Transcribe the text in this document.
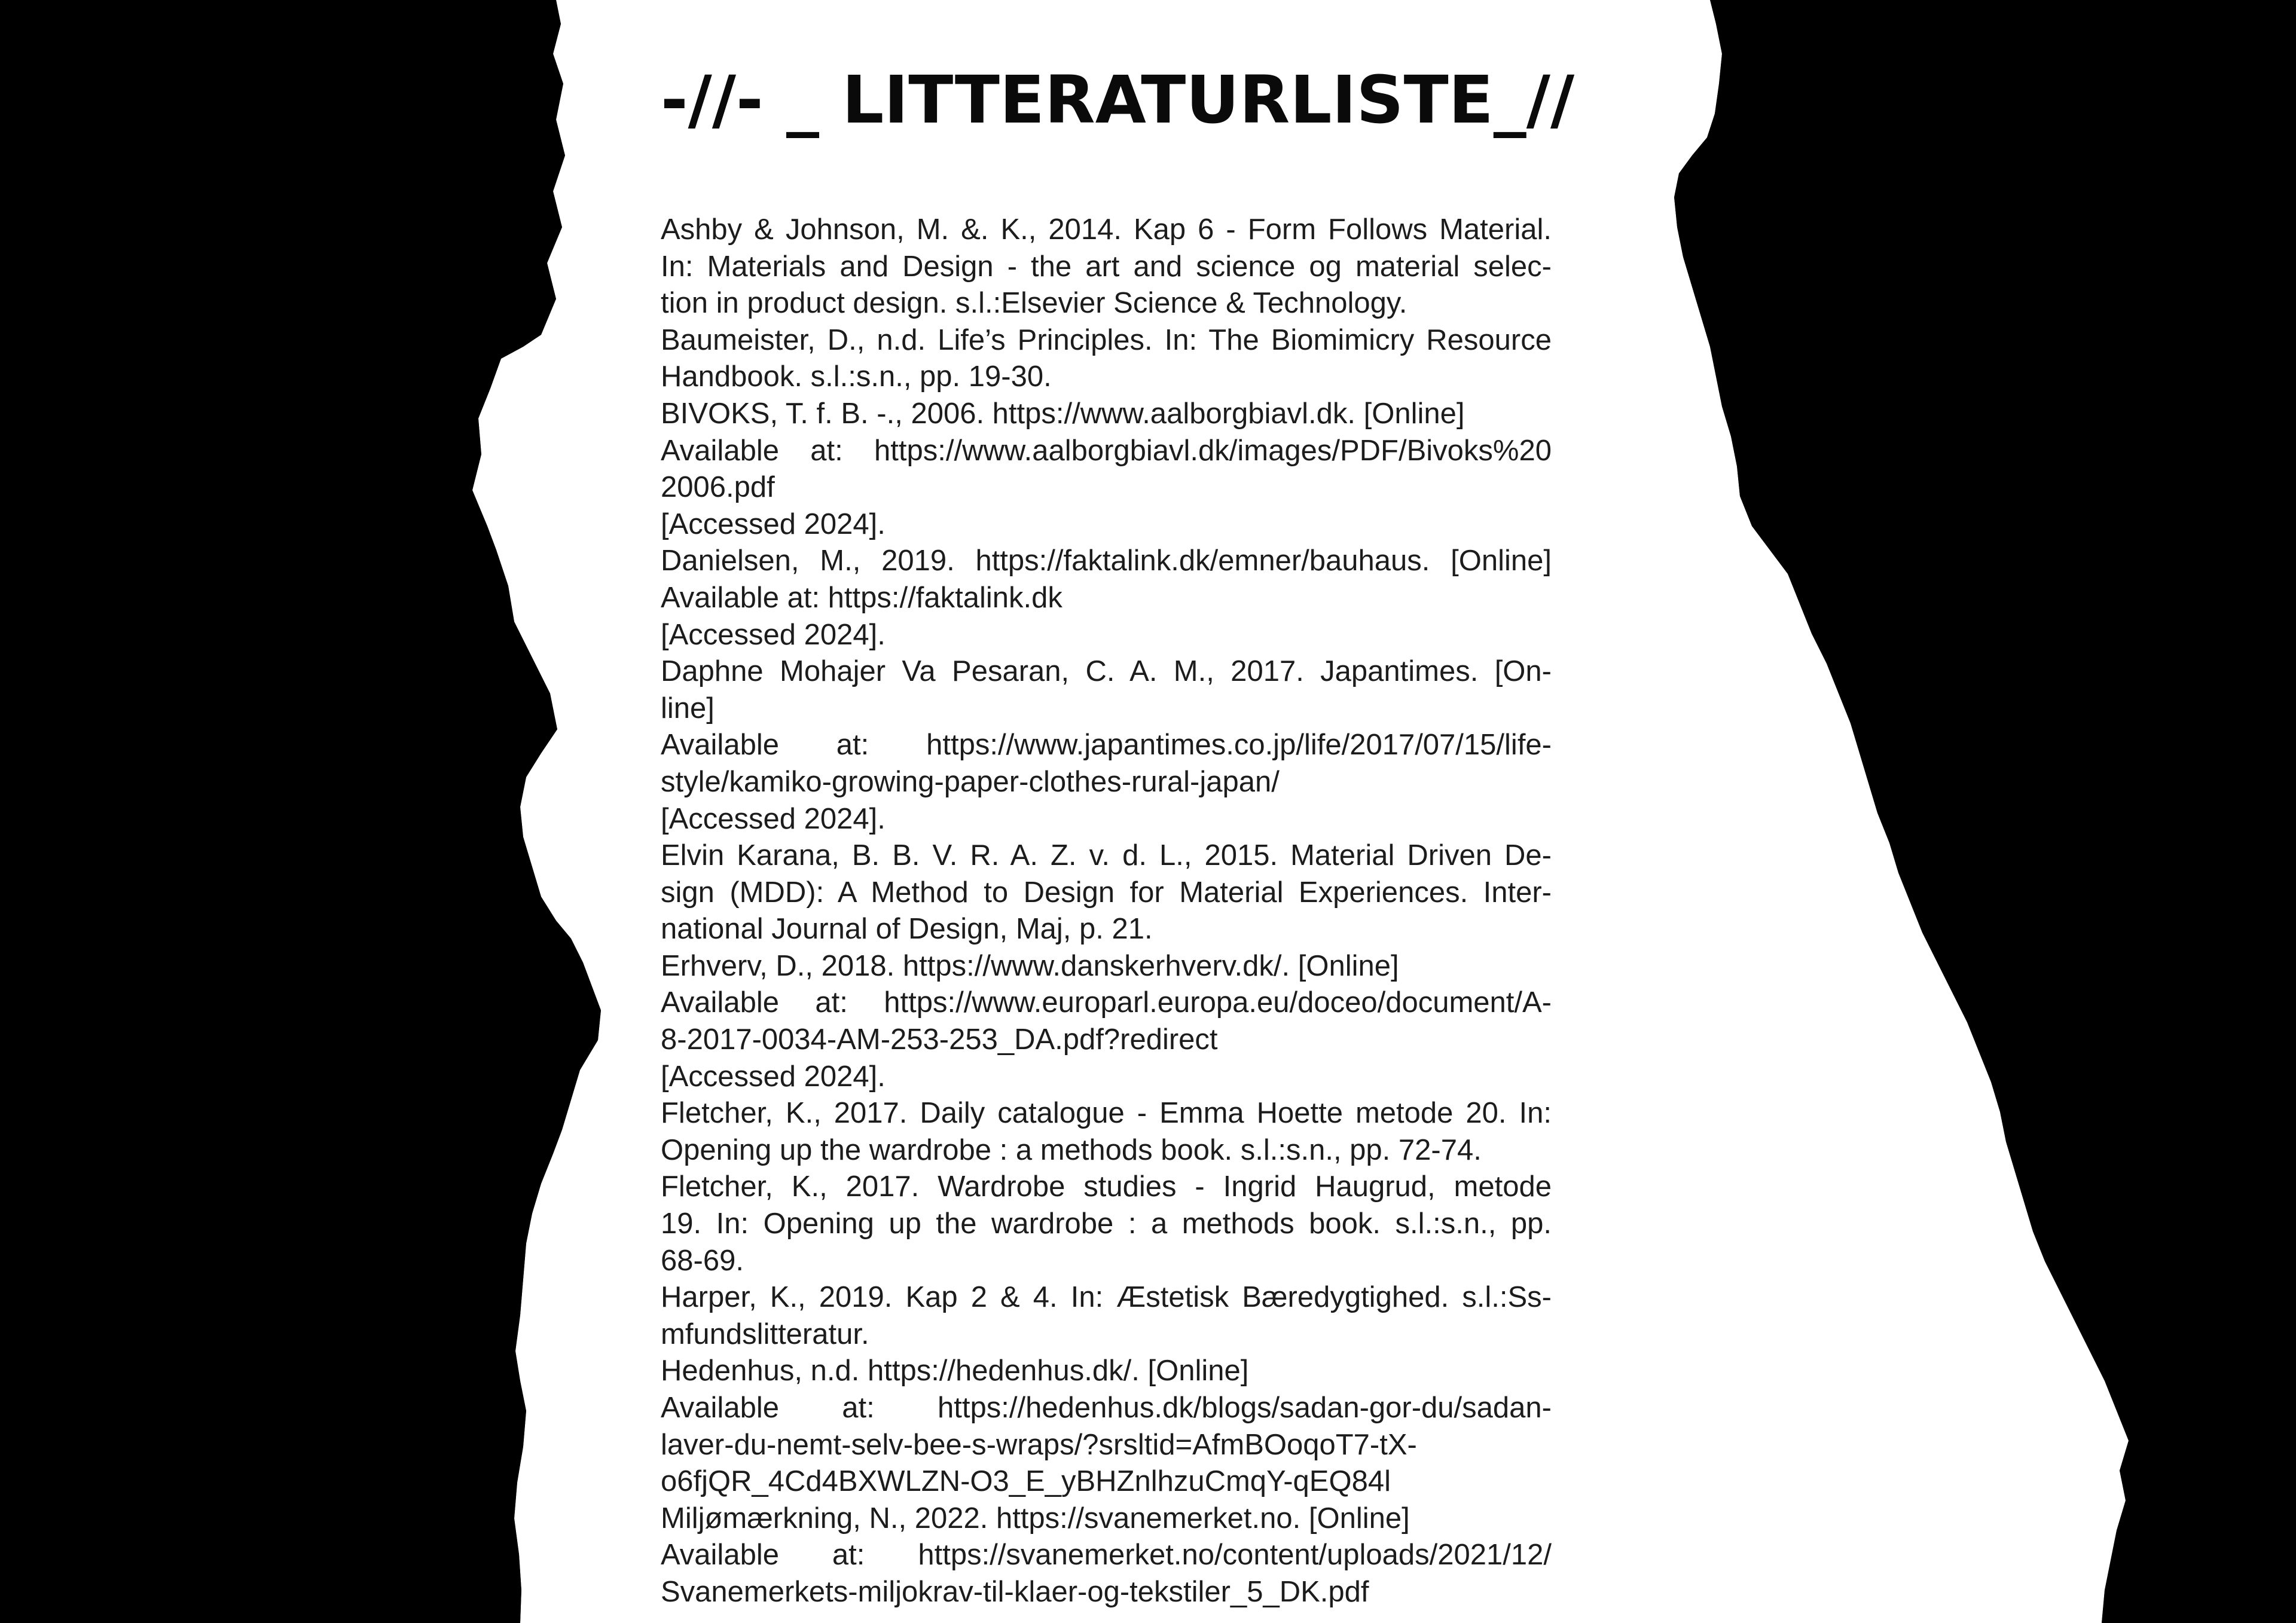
-//- _ LITTERATURLISTE_//
Ashby & Johnson, M. &. K., 2014. Kap 6 - Form Follows Material.
In: Materials and Design - the art and science og material selec-
tion in product design. s.l.:Elsevier Science & Technology.
Baumeister, D., n.d. Life’s Principles. In: The Biomimicry Resource
Handbook. s.l.:s.n., pp. 19-30.
BIVOKS, T. f. B. -., 2006. https://www.aalborgbiavl.dk. [Online]
Available at: https://www.aalborgbiavl.dk/images/PDF/Bivoks%20
2006.pdf
[Accessed 2024].
Danielsen, M., 2019. https://faktalink.dk/emner/bauhaus. [Online]
Available at: https://faktalink.dk
[Accessed 2024].
Daphne Mohajer Va Pesaran, C. A. M., 2017. Japantimes. [On-
line]
Available at: https://www.japantimes.co.jp/life/2017/07/15/life-
style/kamiko-growing-paper-clothes-rural-japan/
[Accessed 2024].
Elvin Karana, B. B. V. R. A. Z. v. d. L., 2015. Material Driven De-
sign (MDD): A Method to Design for Material Experiences. Inter-
national Journal of Design, Maj, p. 21.
Erhverv, D., 2018. https://www.danskerhverv.dk/. [Online]
Available at: https://www.europarl.europa.eu/doceo/document/A-
8-2017-0034-AM-253-253_DA.pdf?redirect
[Accessed 2024].
Fletcher, K., 2017. Daily catalogue - Emma Hoette metode 20. In:
Opening up the wardrobe : a methods book. s.l.:s.n., pp. 72-74.
Fletcher, K., 2017. Wardrobe studies - Ingrid Haugrud, metode
19. In: Opening up the wardrobe : a methods book. s.l.:s.n., pp.
68-69.
Harper, K., 2019. Kap 2 & 4. In: Æstetisk Bæredygtighed. s.l.:Ss-
mfundslitteratur.
Hedenhus, n.d. https://hedenhus.dk/. [Online]
Available at: https://hedenhus.dk/blogs/sadan-gor-du/sadan-
laver-du-nemt-selv-bee-s-wraps/?srsltid=AfmBOoqoT7-tX-
o6fjQR_4Cd4BXWLZN-O3_E_yBHZnlhzuCmqY-qEQ84l
Miljømærkning, N., 2022. https://svanemerket.no. [Online]
Available at: https://svanemerket.no/content/uploads/2021/12/
Svanemerkets-miljokrav-til-klaer-og-tekstiler_5_DK.pdf
